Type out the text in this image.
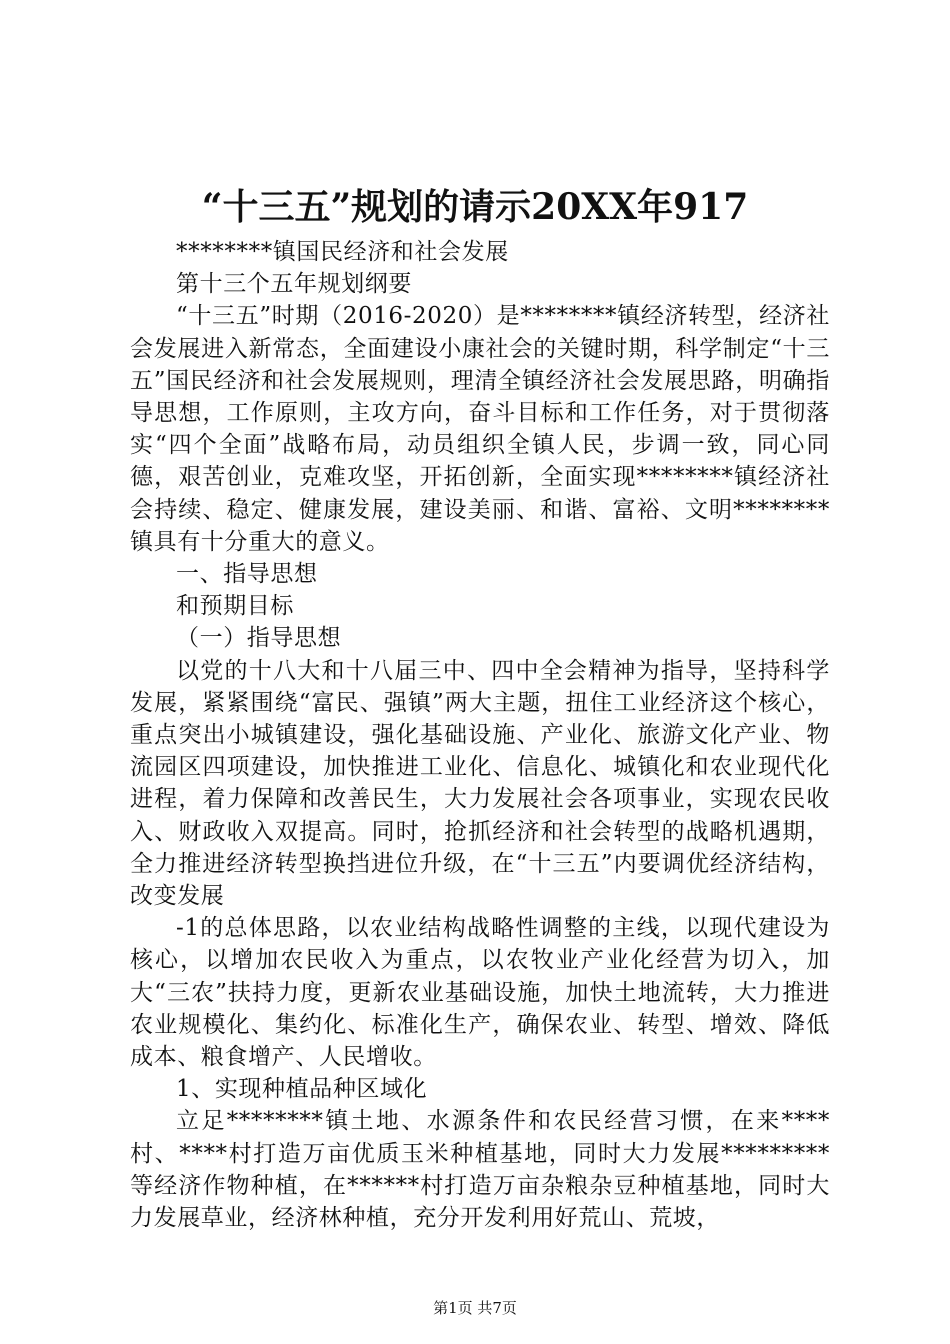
“十三五”规划的请示20XX年917

********镇国民经济和社会发展

第十三个五年规划纲要

“十三五”时期（2016-2020）是********镇经济转型，经济社会发展进入新常态，全面建设小康社会的关键时期，科学制定“十三五”国民经济和社会发展规则，理清全镇经济社会发展思路，明确指导思想，工作原则，主攻方向，奋斗目标和工作任务，对于贯彻落实“四个全面”战略布局，动员组织全镇人民，步调一致，同心同德，艰苦创业，克难攻坚，开拓创新，全面实现********镇经济社会持续、稳定、健康发展，建设美丽、和谐、富裕、文明********镇具有十分重大的意义。

一、指导思想

和预期目标

（一）指导思想

以党的十八大和十八届三中、四中全会精神为指导，坚持科学发展，紧紧围绕“富民、强镇”两大主题，扭住工业经济这个核心，重点突出小城镇建设，强化基础设施、产业化、旅游文化产业、物流园区四项建设，加快推进工业化、信息化、城镇化和农业现代化进程，着力保障和改善民生，大力发展社会各项事业，实现农民收入、财政收入双提高。同时，抢抓经济和社会转型的战略机遇期，全力推进经济转型换挡进位升级，在“十三五”内要调优经济结构，改变发展

-1的总体思路，以农业结构战略性调整的主线，以现代建设为核心，以增加农民收入为重点，以农牧业产业化经营为切入，加大“三农”扶持力度，更新农业基础设施，加快土地流转，大力推进农业规模化、集约化、标准化生产，确保农业、转型、增效、降低成本、粮食增产、人民增收。

1、实现种植品种区域化

立足********镇土地、水源条件和农民经营习惯，在来****村、****村打造万亩优质玉米种植基地，同时大力发展*********等经济作物种植，在******村打造万亩杂粮杂豆种植基地，同时大力发展草业，经济林种植，充分开发利用好荒山、荒坡，

第1页 共7页
